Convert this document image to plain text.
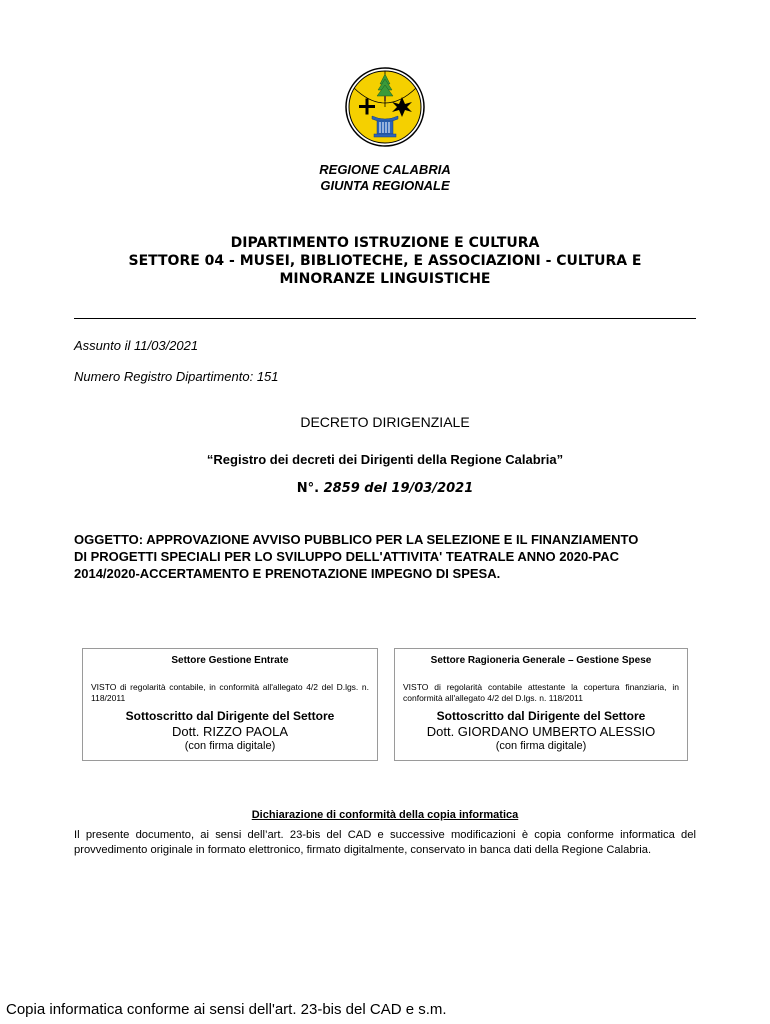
REGIONE CALABRIA
GIUNTA REGIONALE
DIPARTIMENTO ISTRUZIONE E CULTURA
SETTORE 04 - MUSEI, BIBLIOTECHE, E ASSOCIAZIONI - CULTURA E
MINORANZE LINGUISTICHE
Assunto il 11/03/2021
Numero Registro Dipartimento: 151
DECRETO DIRIGENZIALE
“Registro dei decreti dei Dirigenti della Regione Calabria”
N°. 2859 del 19/03/2021
OGGETTO: APPROVAZIONE AVVISO PUBBLICO PER LA SELEZIONE E IL FINANZIAMENTO
DI PROGETTI SPECIALI PER LO SVILUPPO DELL'ATTIVITA' TEATRALE ANNO 2020-PAC
2014/2020-ACCERTAMENTO E PRENOTAZIONE IMPEGNO DI SPESA.
Settore Gestione Entrate
VISTO di regolarità contabile, in conformità all'allegato 4/2 del D.lgs. n. 118/2011
Sottoscritto dal Dirigente del Settore
Dott. RIZZO PAOLA
(con firma digitale)
Settore Ragioneria Generale – Gestione Spese
VISTO di regolarità contabile attestante la copertura finanziaria, in conformità all'allegato 4/2 del D.lgs. n. 118/2011
Sottoscritto dal Dirigente del Settore
Dott. GIORDANO UMBERTO ALESSIO
(con firma digitale)
Dichiarazione di conformità della copia informatica
Il presente documento, ai sensi dell’art. 23-bis del CAD e successive modificazioni è copia conforme informatica del provvedimento originale in formato elettronico, firmato digitalmente, conservato in banca dati della Regione Calabria.
Copia informatica conforme ai sensi dell'art. 23-bis del CAD e s.m.
